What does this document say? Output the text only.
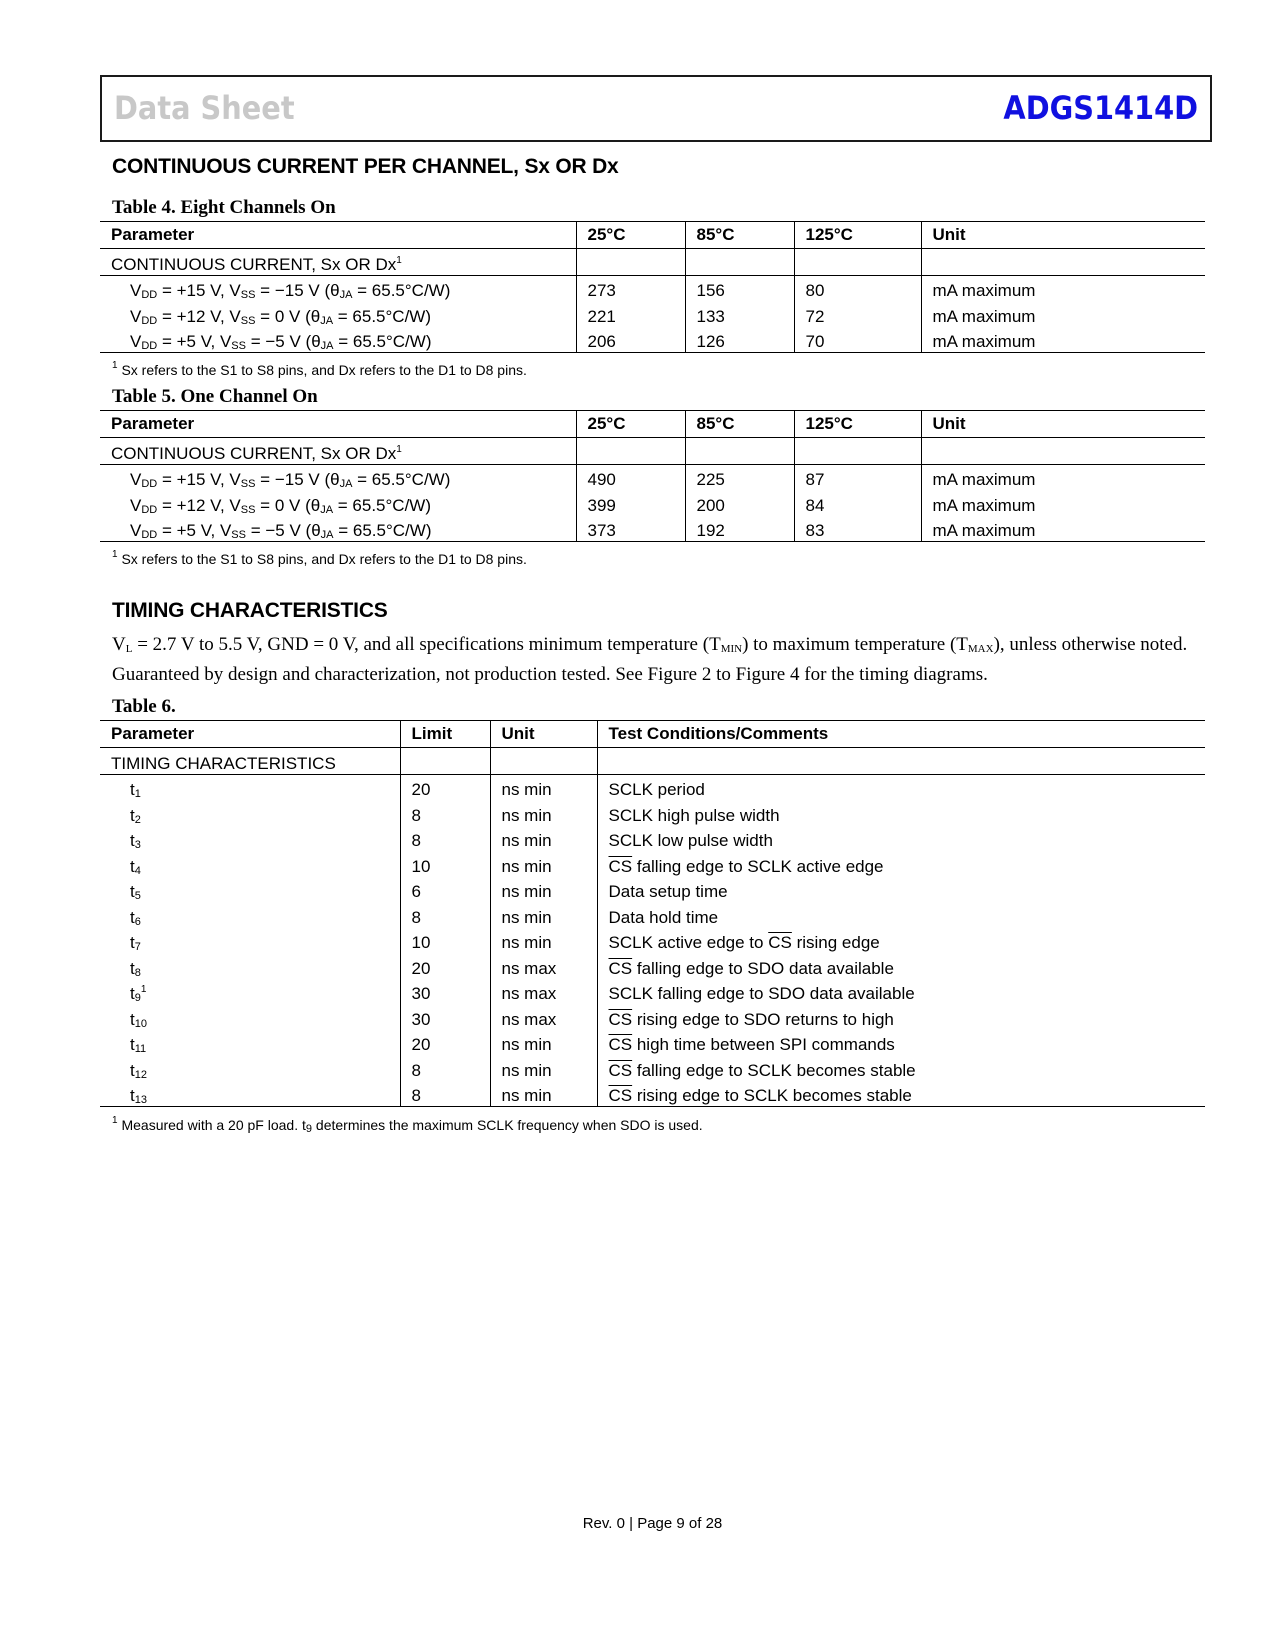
Data Sheet	ADGS1414D
CONTINUOUS CURRENT PER CHANNEL, Sx OR Dx
Table 4. Eight Channels On
Parameter	25°C	85°C	125°C	Unit
CONTINUOUS CURRENT, Sx OR Dx$^1$				
VDD = +15 V, VSS = −15 V (θJA = 65.5°C/W)	273	156	80	mA maximum
VDD = +12 V, VSS = 0 V (θJA = 65.5°C/W)	221	133	72	mA maximum
VDD = +5 V, VSS = −5 V (θJA = 65.5°C/W)	206	126	70	mA maximum
$^1$ Sx refers to the S1 to S8 pins, and Dx refers to the D1 to D8 pins.
Table 5. One Channel On
Parameter	25°C	85°C	125°C	Unit
CONTINUOUS CURRENT, Sx OR Dx$^1$				
VDD = +15 V, VSS = −15 V (θJA = 65.5°C/W)	490	225	87	mA maximum
VDD = +12 V, VSS = 0 V (θJA = 65.5°C/W)	399	200	84	mA maximum
VDD = +5 V, VSS = −5 V (θJA = 65.5°C/W)	373	192	83	mA maximum
$^1$ Sx refers to the S1 to S8 pins, and Dx refers to the D1 to D8 pins.
TIMING CHARACTERISTICS
VL = 2.7 V to 5.5 V, GND = 0 V, and all specifications minimum temperature (TMIN) to maximum temperature (TMAX), unless otherwise noted. Guaranteed by design and characterization, not production tested. See Figure 2 to Figure 4 for the timing diagrams.
Table 6.
Parameter	Limit	Unit	Test Conditions/Comments
TIMING CHARACTERISTICS			
t1	20	ns min	SCLK period
t2	8	ns min	SCLK high pulse width
t3	8	ns min	SCLK low pulse width
t4	10	ns min	$\overline{CS}$ falling edge to SCLK active edge
t5	6	ns min	Data setup time
t6	8	ns min	Data hold time
t7	10	ns min	SCLK active edge to $\overline{CS}$ rising edge
t8	20	ns max	$\overline{CS}$ falling edge to SDO data available
$t9^1$	30	ns max	SCLK falling edge to SDO data available
t10	30	ns max	$\overline{CS}$ rising edge to SDO returns to high
t11	20	ns min	$\overline{CS}$ high time between SPI commands
t12	8	ns min	$\overline{CS}$ falling edge to SCLK becomes stable
t13	8	ns min	$\overline{CS}$ rising edge to SCLK becomes stable
$^1$ Measured with a 20 pF load. t9 determines the maximum SCLK frequency when SDO is used.
Rev. 0 | Page 9 of 28
